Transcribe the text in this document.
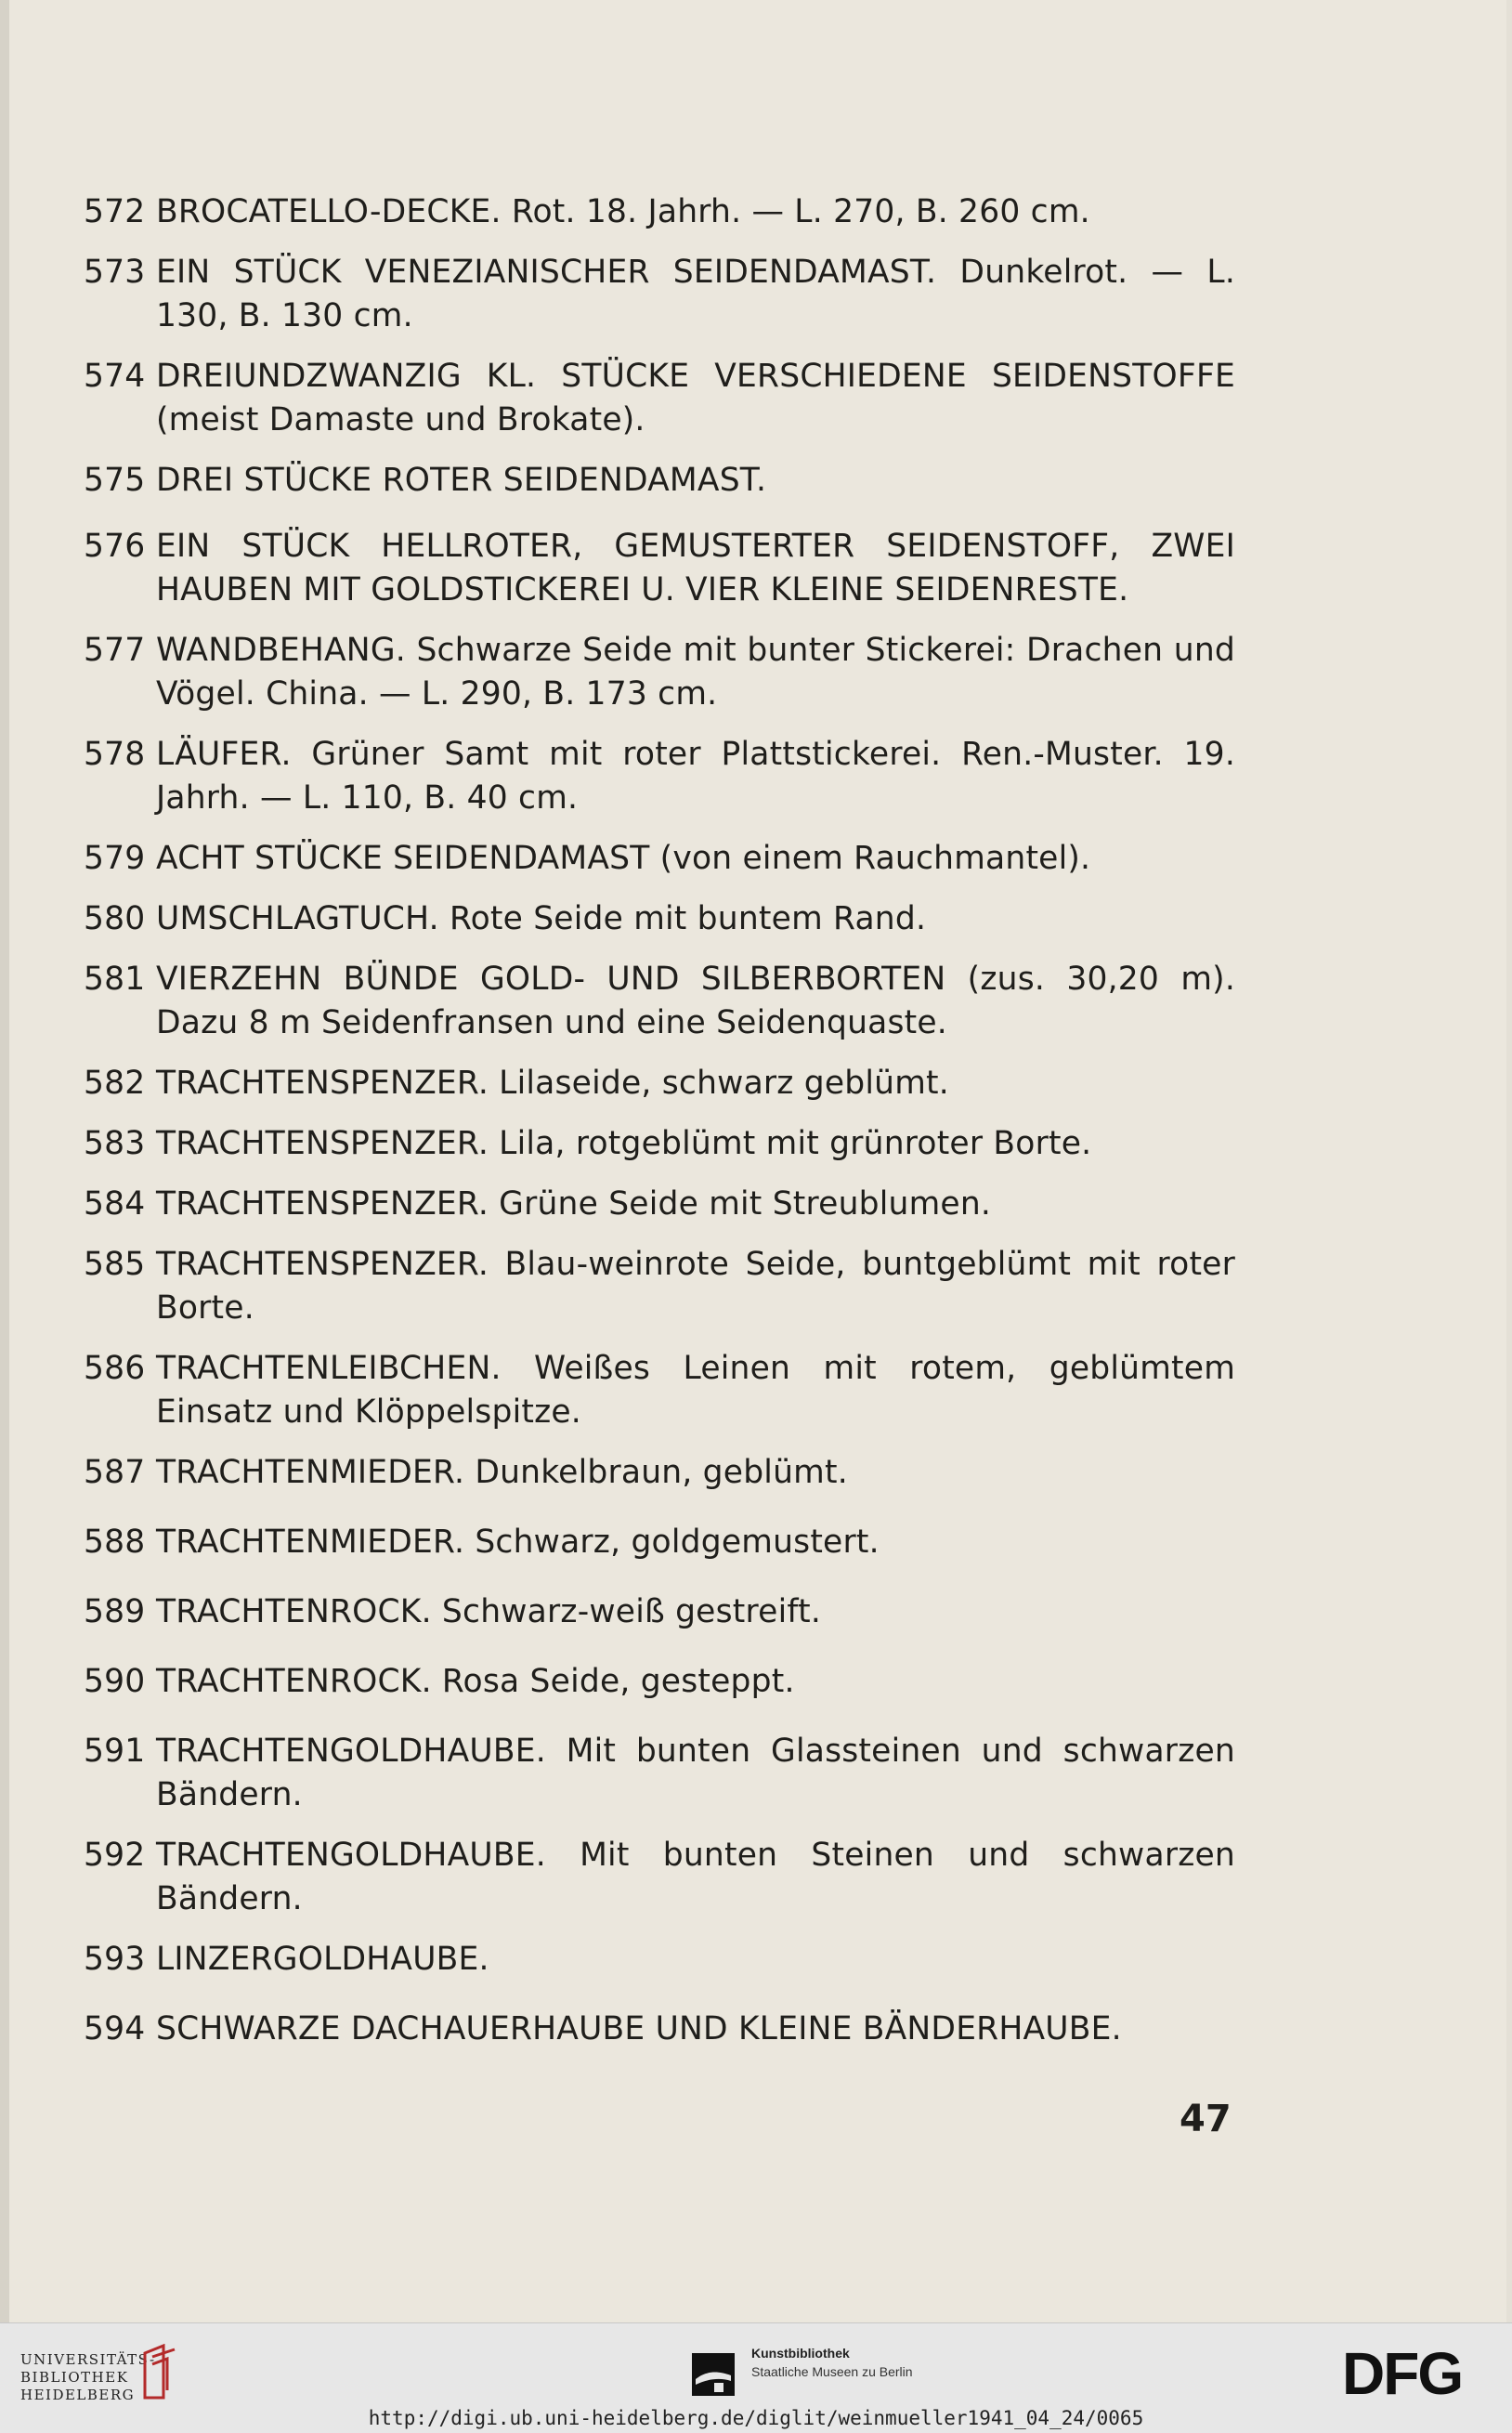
572 BROCATELLO-DECKE. Rot. 18. Jahrh. — L. 270, B. 260 cm.
573 EIN STÜCK VENEZIANISCHER SEIDENDAMAST. Dunkelrot. — L. 130, B. 130 cm.
574 DREIUNDZWANZIG KL. STÜCKE VERSCHIEDENE SEIDENSTOFFE (meist Damaste und Brokate).
575 DREI STÜCKE ROTER SEIDENDAMAST.
576 EIN STÜCK HELLROTER, GEMUSTERTER SEIDENSTOFF, ZWEI HAUBEN MIT GOLDSTICKEREI U. VIER KLEINE SEIDENRESTE.
577 WANDBEHANG. Schwarze Seide mit bunter Stickerei: Drachen und Vögel. China. — L. 290, B. 173 cm.
578 LÄUFER. Grüner Samt mit roter Plattstickerei. Ren.-Muster. 19. Jahrh. — L. 110, B. 40 cm.
579 ACHT STÜCKE SEIDENDAMAST (von einem Rauchmantel).
580 UMSCHLAGTUCH. Rote Seide mit buntem Rand.
581 VIERZEHN BÜNDE GOLD- UND SILBERBORTEN (zus. 30,20 m). Dazu 8 m Seidenfransen und eine Seidenquaste.
582 TRACHTENSPENZER. Lilaseide, schwarz geblümt.
583 TRACHTENSPENZER. Lila, rotgeblümt mit grünroter Borte.
584 TRACHTENSPENZER. Grüne Seide mit Streublumen.
585 TRACHTENSPENZER. Blau-weinrote Seide, buntgeblümt mit roter Borte.
586 TRACHTENLEIBCHEN. Weißes Leinen mit rotem, geblümtem Einsatz und Klöppelspitze.
587 TRACHTENMIEDER. Dunkelbraun, geblümt.
588 TRACHTENMIEDER. Schwarz, goldgemustert.
589 TRACHTENROCK. Schwarz-weiß gestreift.
590 TRACHTENROCK. Rosa Seide, gesteppt.
591 TRACHTENGOLDHAUBE. Mit bunten Glassteinen und schwarzen Bändern.
592 TRACHTENGOLDHAUBE. Mit bunten Steinen und schwarzen Bändern.
593 LINZERGOLDHAUBE.
594 SCHWARZE DACHAUERHAUBE UND KLEINE BÄNDERHAUBE.
47
UNIVERSITÄTS-
BIBLIOTHEK
HEIDELBERG
Kunstbibliothek
Staatliche Museen zu Berlin	DFG
http://digi.ub.uni-heidelberg.de/diglit/weinmueller1941_04_24/0065
